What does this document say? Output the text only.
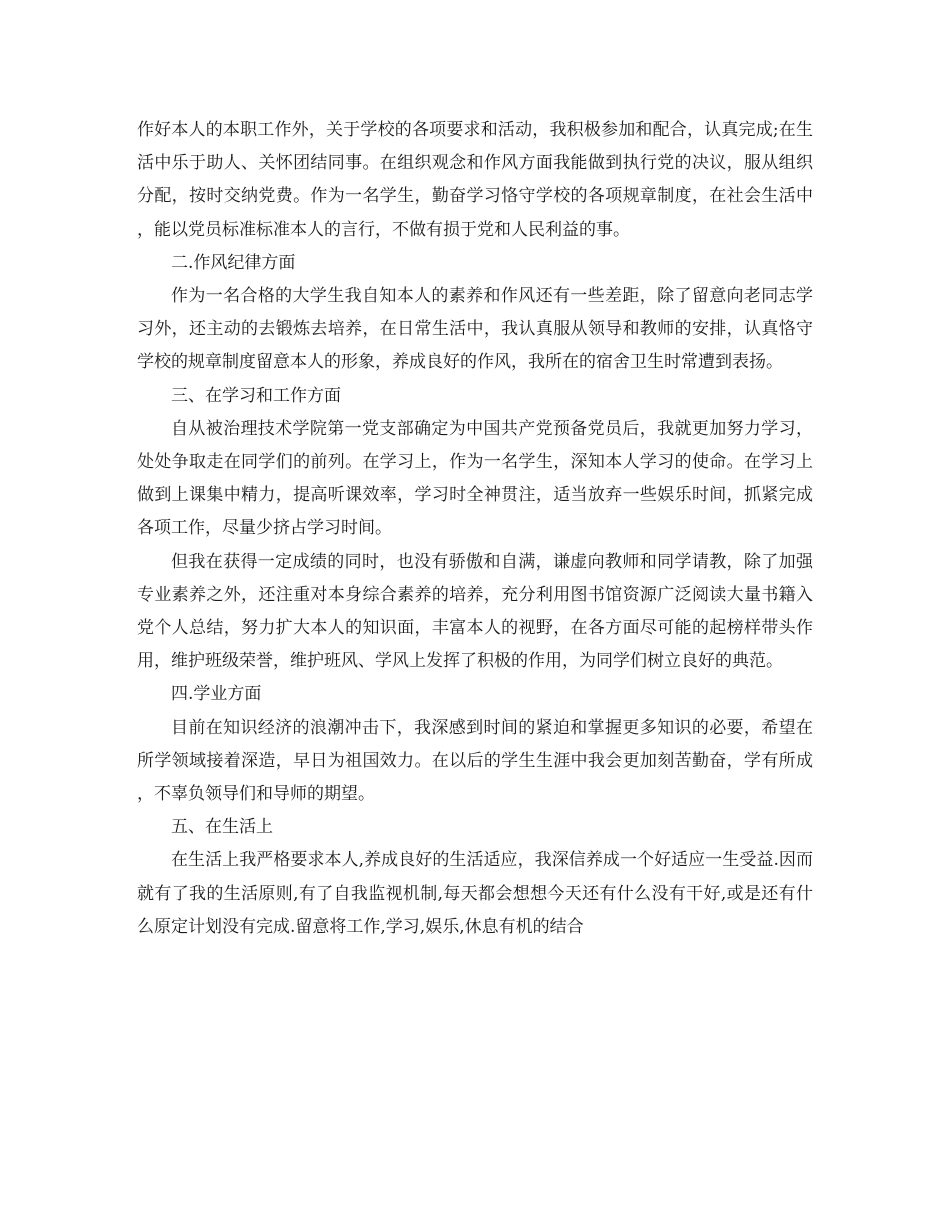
作好本人的本职工作外，关于学校的各项要求和活动，我积极参加和配合，认真完成;在生活中乐于助人、关怀团结同事。在组织观念和作风方面我能做到执行党的决议，服从组织分配，按时交纳党费。作为一名学生，勤奋学习恪守学校的各项规章制度，在社会生活中，能以党员标准标准本人的言行，不做有损于党和人民利益的事。

二.作风纪律方面

作为一名合格的大学生我自知本人的素养和作风还有一些差距，除了留意向老同志学习外，还主动的去锻炼去培养，在日常生活中，我认真服从领导和教师的安排，认真恪守学校的规章制度留意本人的形象，养成良好的作风，我所在的宿舍卫生时常遭到表扬。

三、在学习和工作方面

自从被治理技术学院第一党支部确定为中国共产党预备党员后，我就更加努力学习，处处争取走在同学们的前列。在学习上，作为一名学生，深知本人学习的使命。在学习上做到上课集中精力，提高听课效率，学习时全神贯注，适当放弃一些娱乐时间，抓紧完成各项工作，尽量少挤占学习时间。

但我在获得一定成绩的同时，也没有骄傲和自满，谦虚向教师和同学请教，除了加强专业素养之外，还注重对本身综合素养的培养，充分利用图书馆资源广泛阅读大量书籍入党个人总结，努力扩大本人的知识面，丰富本人的视野，在各方面尽可能的起榜样带头作用，维护班级荣誉，维护班风、学风上发挥了积极的作用，为同学们树立良好的典范。

四.学业方面

目前在知识经济的浪潮冲击下，我深感到时间的紧迫和掌握更多知识的必要，希望在所学领域接着深造，早日为祖国效力。在以后的学生生涯中我会更加刻苦勤奋，学有所成，不辜负领导们和导师的期望。

五、在生活上

在生活上我严格要求本人,养成良好的生活适应，我深信养成一个好适应一生受益.因而就有了我的生活原则,有了自我监视机制,每天都会想想今天还有什么没有干好,或是还有什么原定计划没有完成.留意将工作,学习,娱乐,休息有机的结合
